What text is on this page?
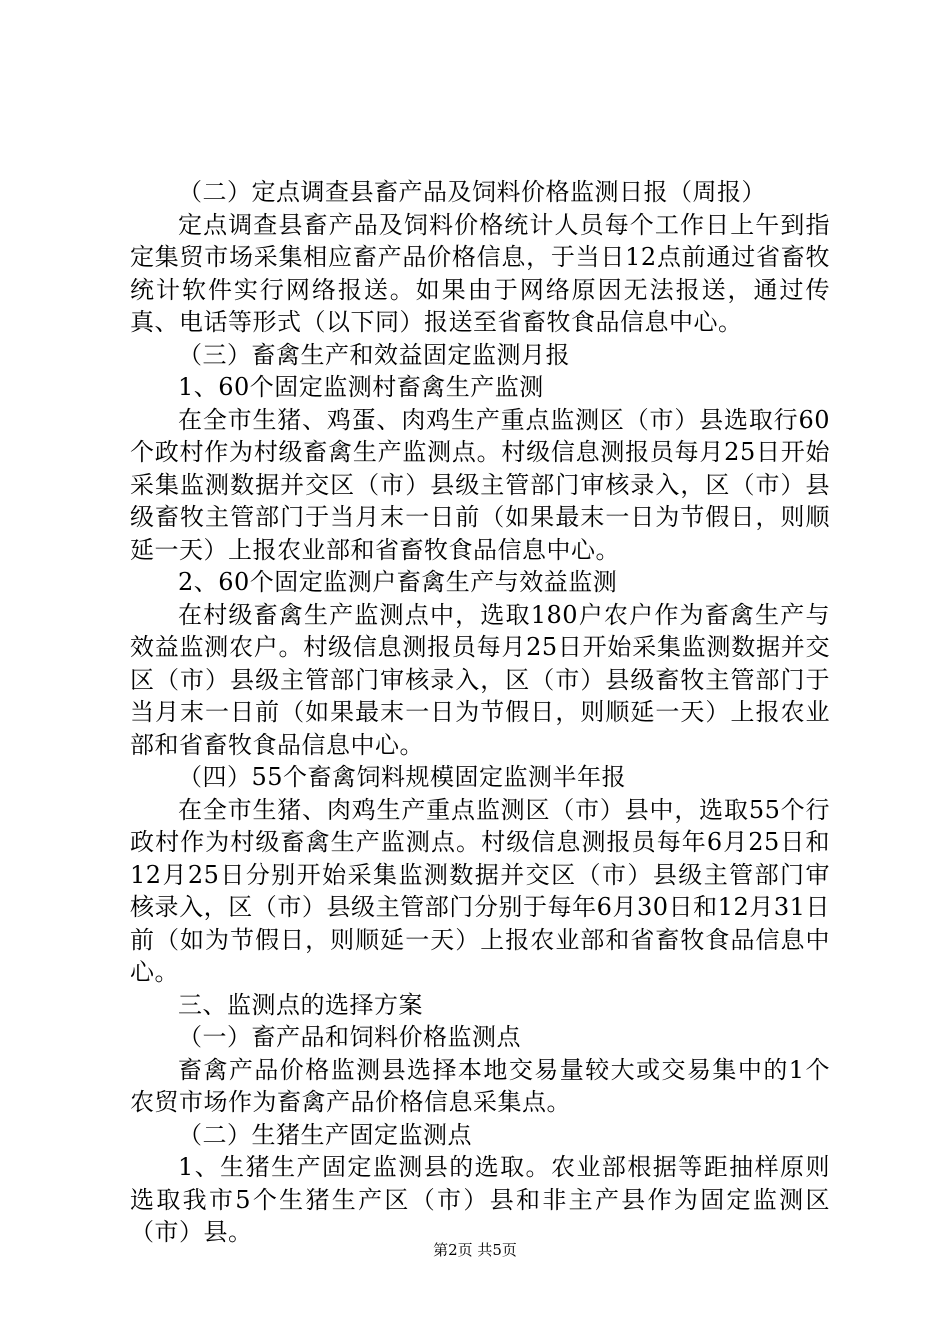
（二）定点调查县畜产品及饲料价格监测日报（周报）

定点调查县畜产品及饲料价格统计人员每个工作日上午到指定集贸市场采集相应畜产品价格信息，于当日12点前通过省畜牧统计软件实行网络报送。如果由于网络原因无法报送，通过传真、电话等形式（以下同）报送至省畜牧食品信息中心。

（三）畜禽生产和效益固定监测月报

1、60个固定监测村畜禽生产监测

在全市生猪、鸡蛋、肉鸡生产重点监测区（市）县选取行60个政村作为村级畜禽生产监测点。村级信息测报员每月25日开始采集监测数据并交区（市）县级主管部门审核录入，区（市）县级畜牧主管部门于当月末一日前（如果最末一日为节假日，则顺延一天）上报农业部和省畜牧食品信息中心。

2、60个固定监测户畜禽生产与效益监测

在村级畜禽生产监测点中，选取180户农户作为畜禽生产与效益监测农户。村级信息测报员每月25日开始采集监测数据并交区（市）县级主管部门审核录入，区（市）县级畜牧主管部门于当月末一日前（如果最末一日为节假日，则顺延一天）上报农业部和省畜牧食品信息中心。

（四）55个畜禽饲料规模固定监测半年报

在全市生猪、肉鸡生产重点监测区（市）县中，选取55个行政村作为村级畜禽生产监测点。村级信息测报员每年6月25日和12月25日分别开始采集监测数据并交区（市）县级主管部门审核录入，区（市）县级主管部门分别于每年6月30日和12月31日前（如为节假日，则顺延一天）上报农业部和省畜牧食品信息中心。

三、监测点的选择方案

（一）畜产品和饲料价格监测点

畜禽产品价格监测县选择本地交易量较大或交易集中的1个农贸市场作为畜禽产品价格信息采集点。

（二）生猪生产固定监测点

1、生猪生产固定监测县的选取。农业部根据等距抽样原则选取我市5个生猪生产区（市）县和非主产县作为固定监测区（市）县。

第2页 共5页
